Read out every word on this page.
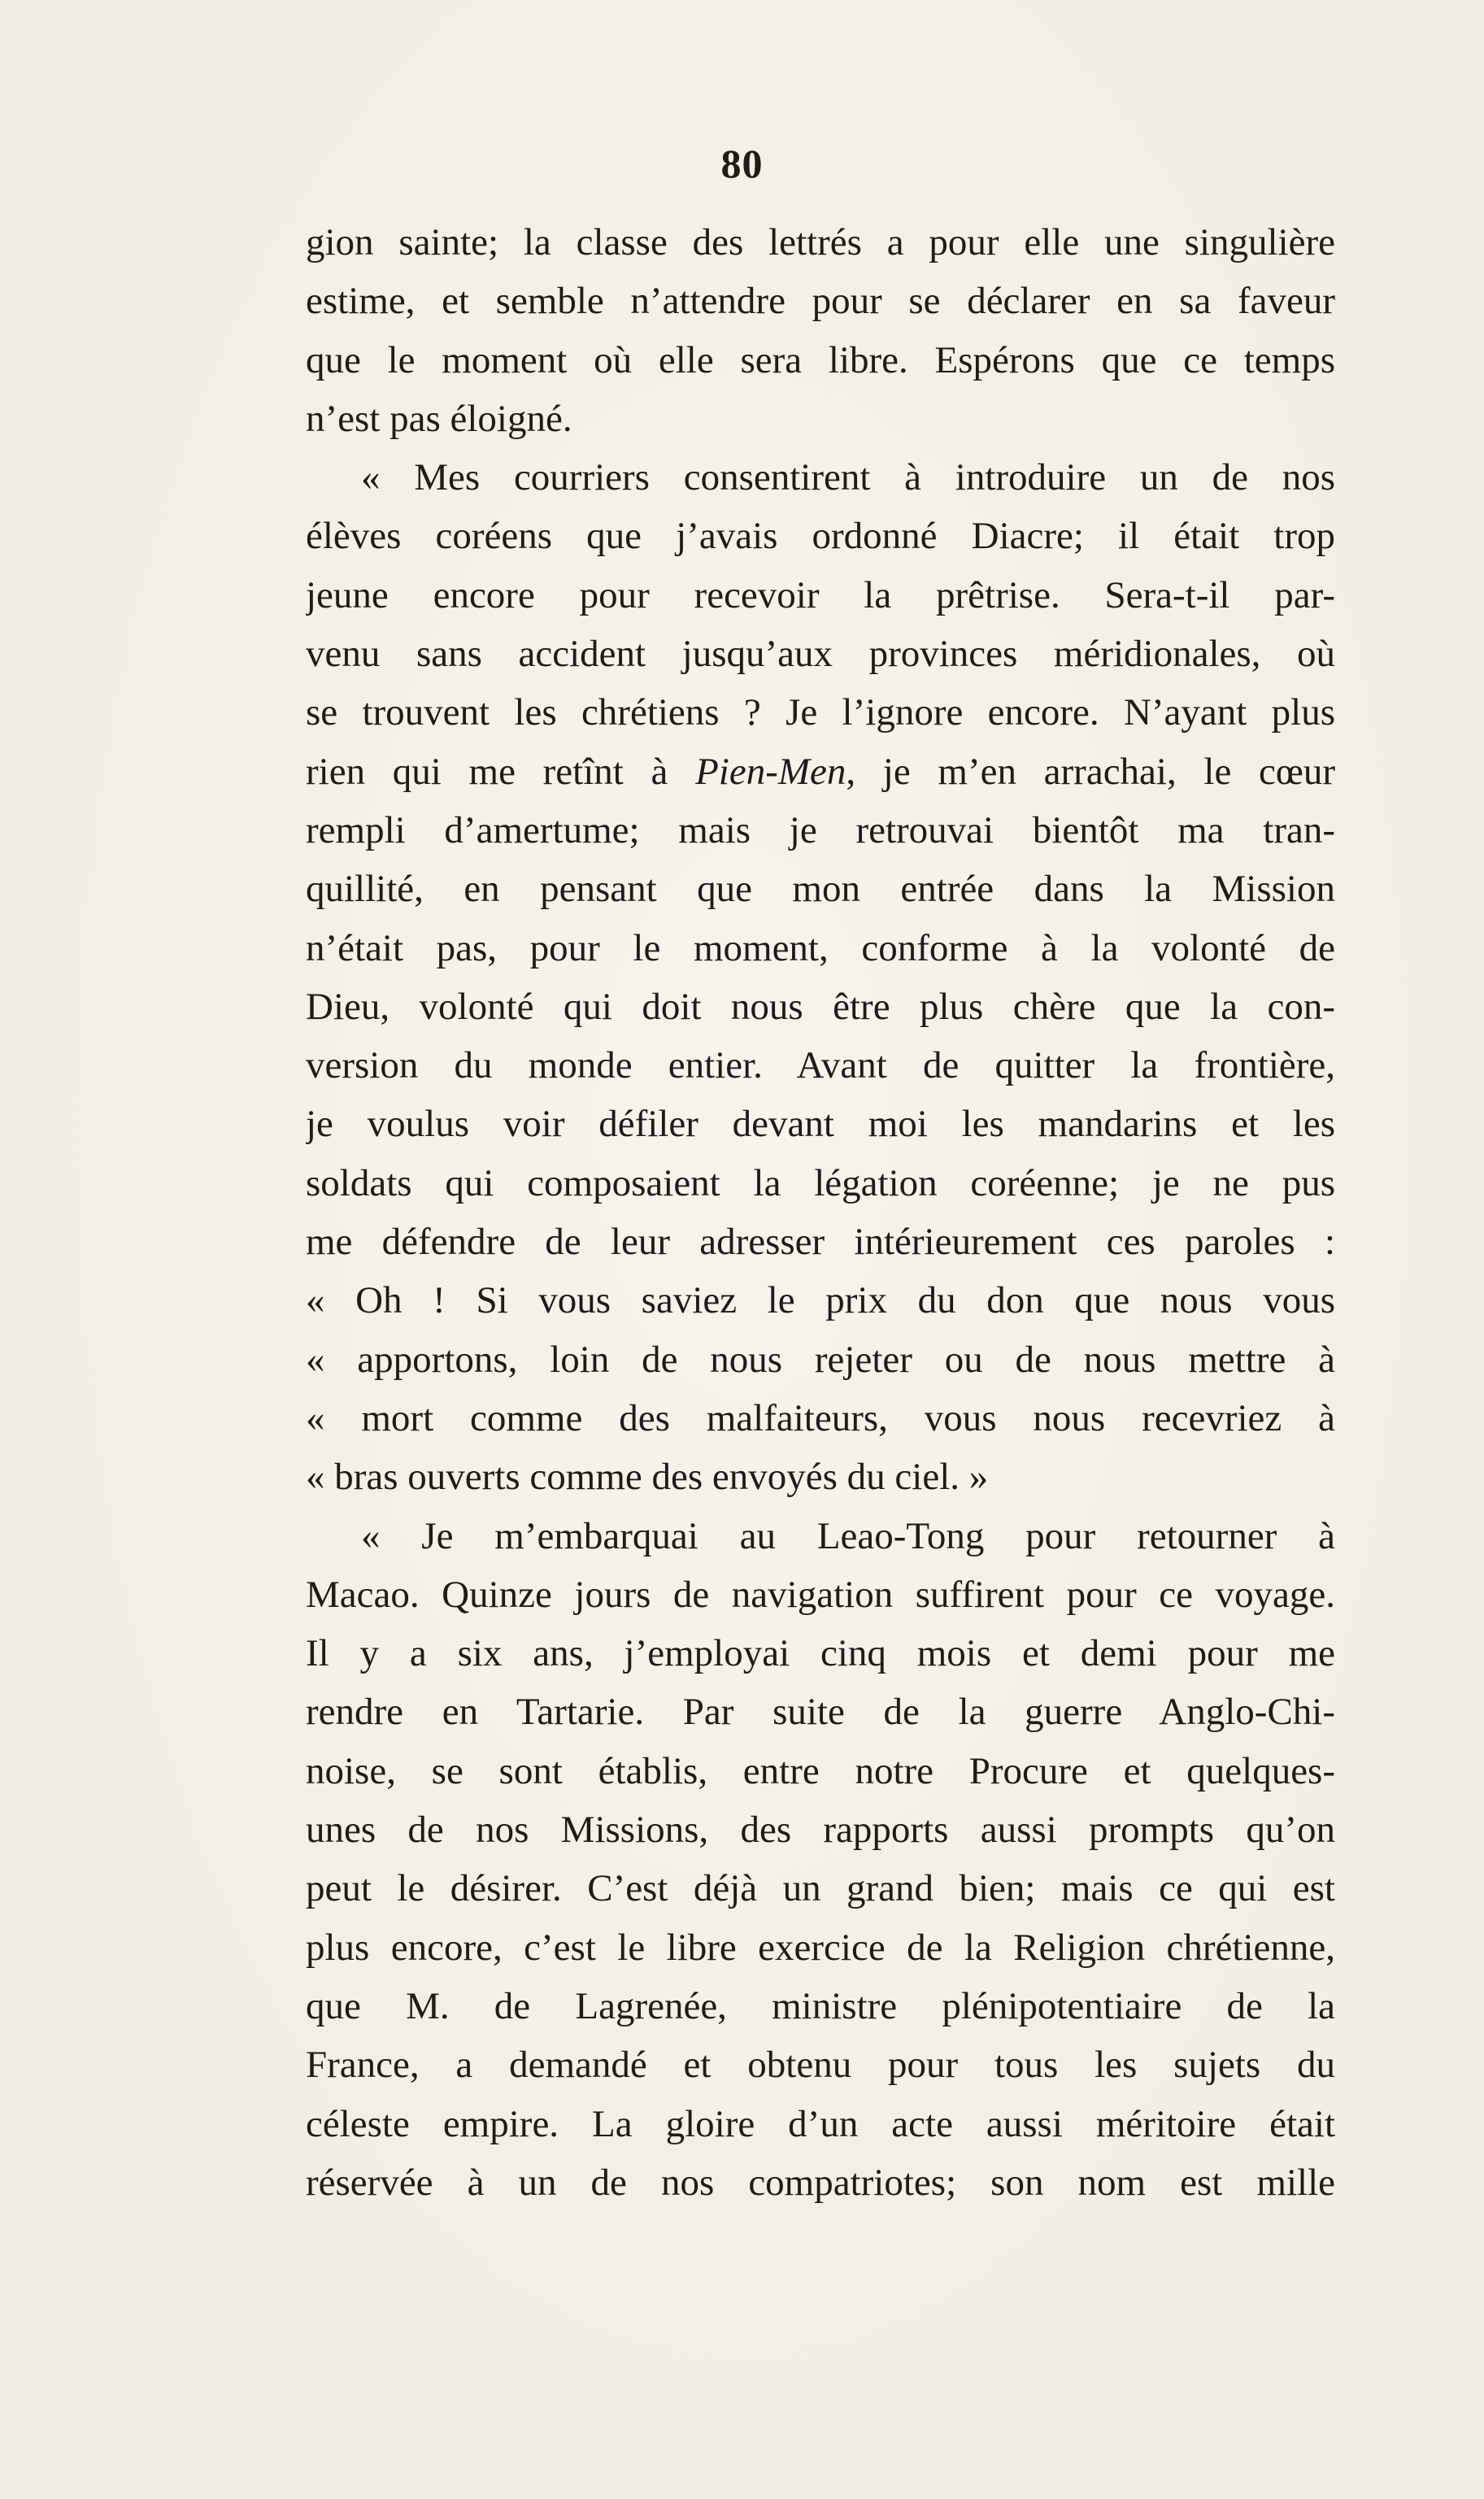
80
gion sainte; la classe des lettrés a pour elle une singulière
estime, et semble n’attendre pour se déclarer en sa faveur
que le moment où elle sera libre. Espérons que ce temps
n’est pas éloigné.
« Mes courriers consentirent à introduire un de nos
élèves coréens que j’avais ordonné Diacre; il était trop
jeune encore pour recevoir la prêtrise. Sera-t-il par-
venu sans accident jusqu’aux provinces méridionales, où
se trouvent les chrétiens ? Je l’ignore encore. N’ayant plus
rien qui me retînt à Pien-Men, je m’en arrachai, le cœur
rempli d’amertume; mais je retrouvai bientôt ma tran-
quillité, en pensant que mon entrée dans la Mission
n’était pas, pour le moment, conforme à la volonté de
Dieu, volonté qui doit nous être plus chère que la con-
version du monde entier. Avant de quitter la frontière,
je voulus voir défiler devant moi les mandarins et les
soldats qui composaient la légation coréenne; je ne pus
me défendre de leur adresser intérieurement ces paroles :
« Oh ! Si vous saviez le prix du don que nous vous
« apportons, loin de nous rejeter ou de nous mettre à
« mort comme des malfaiteurs, vous nous recevriez à
« bras ouverts comme des envoyés du ciel. »
« Je m’embarquai au Leao-Tong pour retourner à
Macao. Quinze jours de navigation suffirent pour ce voyage.
Il y a six ans, j’employai cinq mois et demi pour me
rendre en Tartarie. Par suite de la guerre Anglo-Chi-
noise, se sont établis, entre notre Procure et quelques-
unes de nos Missions, des rapports aussi prompts qu’on
peut le désirer. C’est déjà un grand bien; mais ce qui est
plus encore, c’est le libre exercice de la Religion chrétienne,
que M. de Lagrenée, ministre plénipotentiaire de la
France, a demandé et obtenu pour tous les sujets du
céleste empire. La gloire d’un acte aussi méritoire était
réservée à un de nos compatriotes; son nom est mille
